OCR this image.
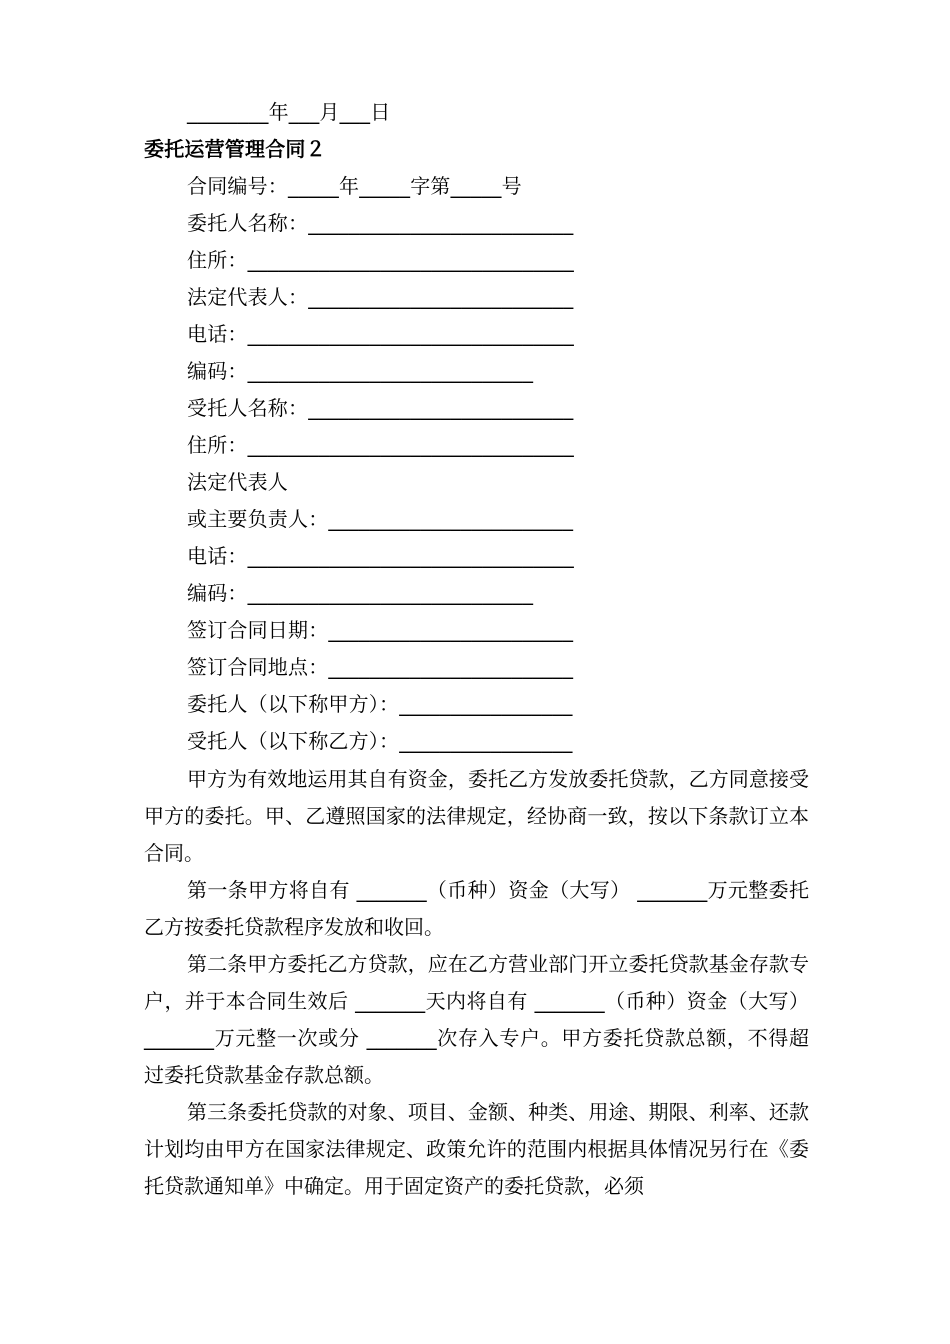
________年___月___日
委托运营管理合同２
合同编号：_____年_____字第_____号
委托人名称：__________________________
住所：________________________________
法定代表人：__________________________
电话：________________________________
编码：____________________________
受托人名称：__________________________
住所：________________________________
法定代表人
或主要负责人：________________________
电话：________________________________
编码：____________________________
签订合同日期：________________________
签订合同地点：________________________
委托人（以下称甲方）：_________________
受托人（以下称乙方）：_________________
甲方为有效地运用其自有资金，委托乙方发放委托贷款，乙方同意接受甲方的委托。甲、乙遵照国家的法律规定，经协商一致，按以下条款订立本合同。
第一条甲方将自有 _______（币种）资金（大写） _______万元整委托乙方按委托贷款程序发放和收回。
第二条甲方委托乙方贷款，应在乙方营业部门开立委托贷款基金存款专户，并于本合同生效后 _______天内将自有 _______（币种）资金（大写） _______万元整一次或分 _______次存入专户。甲方委托贷款总额，不得超过委托贷款基金存款总额。
第三条委托贷款的对象、项目、金额、种类、用途、期限、利率、还款计划均由甲方在国家法律规定、政策允许的范围内根据具体情况另行在《委托贷款通知单》中确定。用于固定资产的委托贷款，必须
